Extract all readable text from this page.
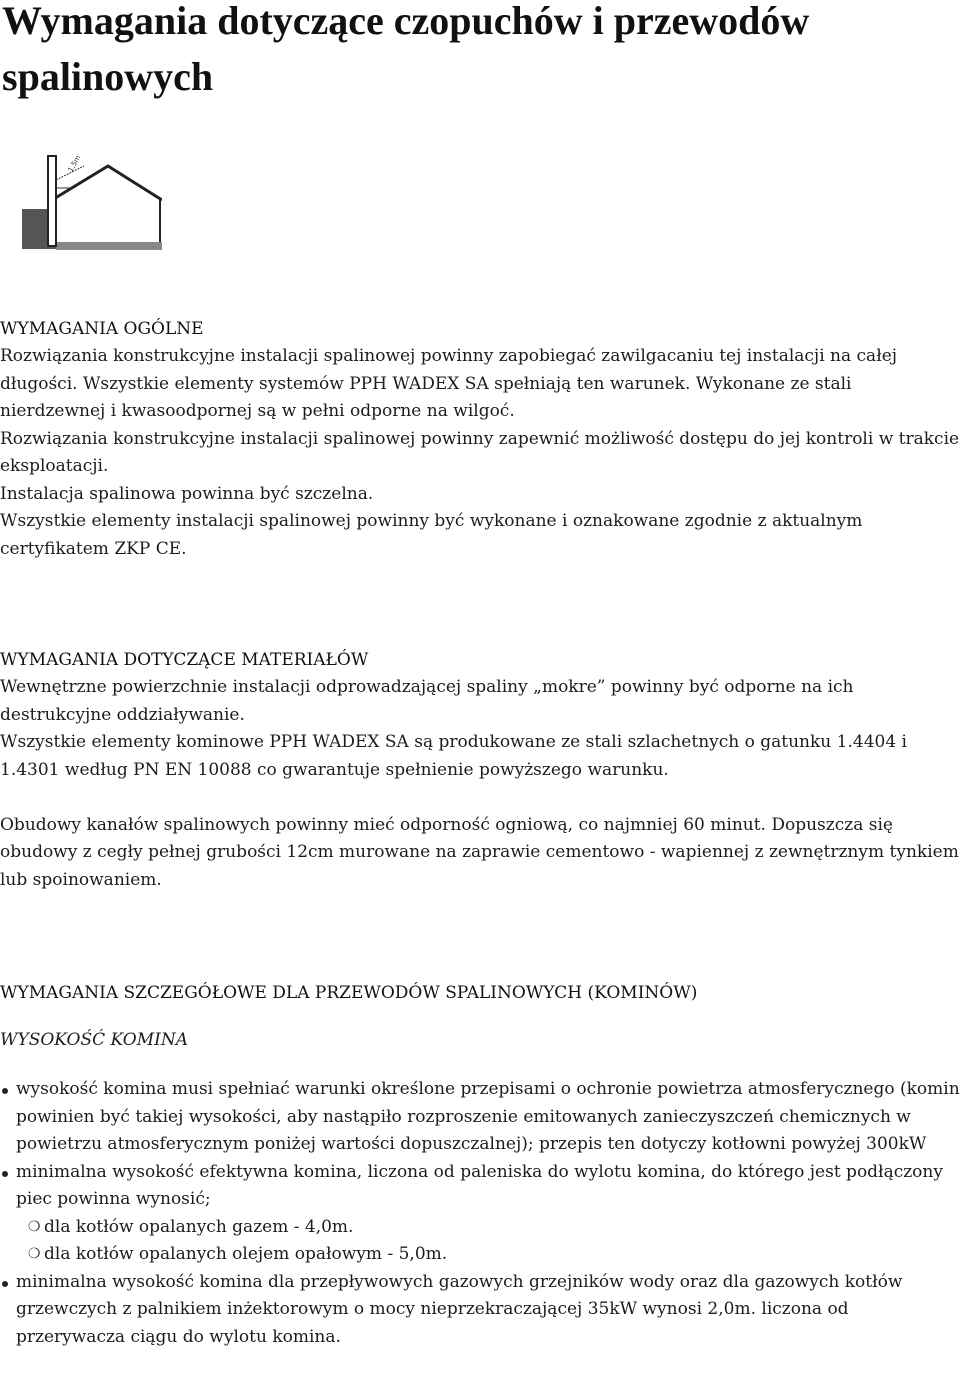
Wymagania dotyczące czopuchów i przewodów spalinowych
1,5m

WYMAGANIA OGÓLNE

Rozwiązania konstrukcyjne instalacji spalinowej powinny zapobiegać zawilgacaniu tej instalacji na całej długości. Wszystkie elementy systemów PPH WADEX SA spełniają ten warunek. Wykonane ze stali nierdzewnej i kwasoodpornej są w pełni odporne na wilgoć.

Rozwiązania konstrukcyjne instalacji spalinowej powinny zapewnić możliwość dostępu do jej kontroli w trakcie eksploatacji.

Instalacja spalinowa powinna być szczelna.

Wszystkie elementy instalacji spalinowej powinny być wykonane i oznakowane zgodnie z aktualnym certyfikatem ZKP CE.

WYMAGANIA DOTYCZĄCE MATERIAŁÓW

Wewnętrzne powierzchnie instalacji odprowadzającej spaliny „mokre” powinny być odporne na ich destrukcyjne oddziaływanie.

Wszystkie elementy kominowe PPH WADEX SA są produkowane ze stali szlachetnych o gatunku 1.4404 i 1.4301 według PN EN 10088 co gwarantuje spełnienie powyższego warunku.

Obudowy kanałów spalinowych powinny mieć odporność ogniową, co najmniej 60 minut. Dopuszcza się obudowy z cegły pełnej grubości 12cm murowane na zaprawie cementowo - wapiennej z zewnętrznym tynkiem lub spoinowaniem.

WYMAGANIA SZCZEGÓŁOWE DLA PRZEWODÓW SPALINOWYCH (KOMINÓW)

WYSOKOŚĆ KOMINA

wysokość komina musi spełniać warunki określone przepisami o ochronie powietrza atmosferycznego (komin powinien być takiej wysokości, aby nastąpiło rozproszenie emitowanych zanieczyszczeń chemicznych w powietrzu atmosferycznym poniżej wartości dopuszczalnej); przepis ten dotyczy kotłowni powyżej 300kW
minimalna wysokość efektywna komina, liczona od paleniska do wylotu komina, do którego jest podłączony piec powinna wynosić;
❍ dla kotłów opalanych gazem - 4,0m.
❍ dla kotłów opalanych olejem opałowym - 5,0m.
minimalna wysokość komina dla przepływowych gazowych grzejników wody oraz dla gazowych kotłów grzewczych z palnikiem inżektorowym o mocy nieprzekraczającej 35kW wynosi 2,0m. liczona od przerywacza ciągu do wylotu komina.
